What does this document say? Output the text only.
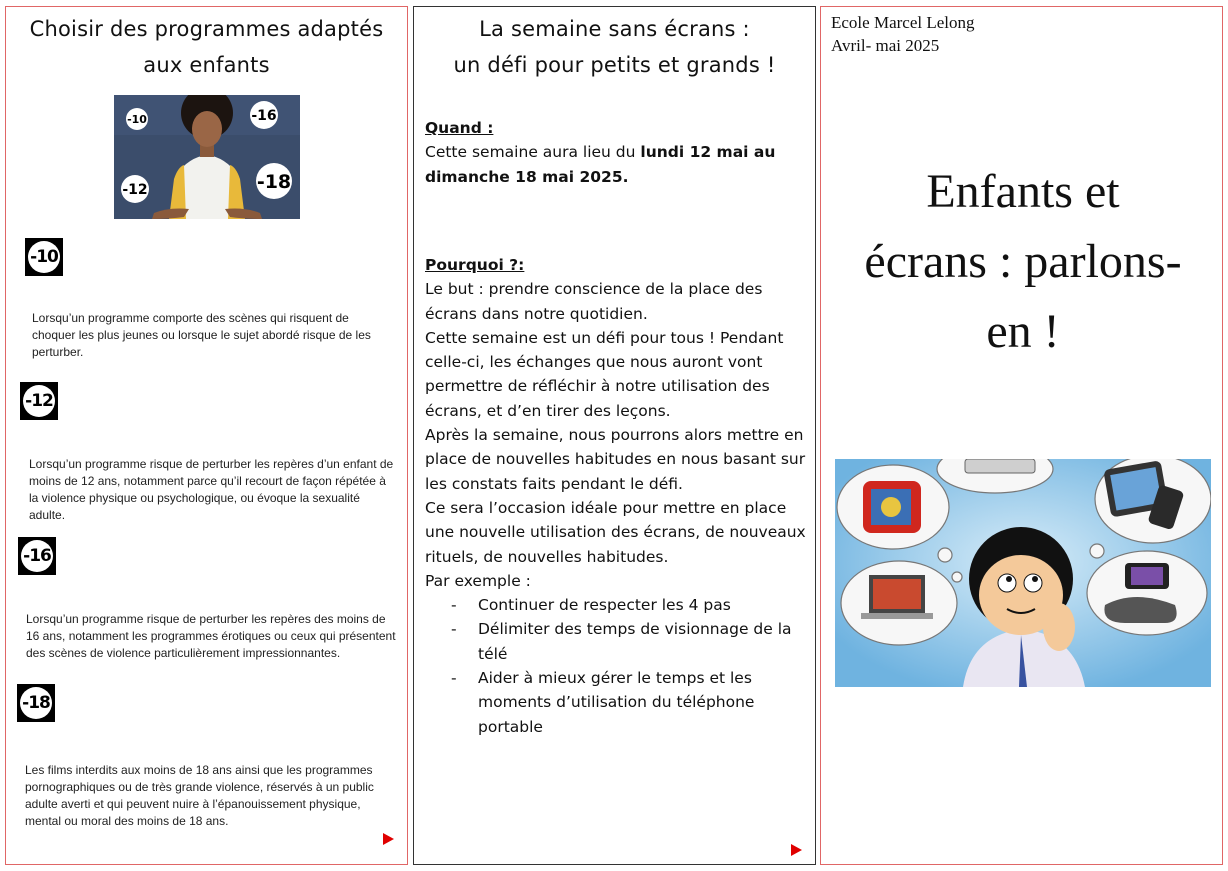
Choisir des programmes adaptés
aux enfants
-10	-16
-12	-18
-10
Lorsqu’un programme comporte des scènes qui risquent de choquer les plus jeunes ou lorsque le sujet abordé risque de les perturber.
-12
Lorsqu’un programme risque de perturber les repères d’un enfant de moins de 12 ans, notamment parce qu’il recourt de façon répétée à la violence physique ou psychologique, ou évoque la sexualité adulte.
-16
Lorsqu’un programme risque de perturber les repères des moins de 16 ans, notamment les programmes érotiques ou ceux qui présentent des scènes de violence particulièrement impressionnantes.
-18
Les films interdits aux moins de 18 ans ainsi que les programmes pornographiques ou de très grande violence, réservés à un public adulte averti et qui peuvent nuire à l’épanouissement physique, mental ou moral des moins de 18 ans.
La semaine sans écrans :
un défi pour petits et grands !
Quand :
Cette semaine aura lieu du lundi 12 mai au dimanche 18 mai 2025.
Pourquoi ?:
Le but : prendre conscience de la place des écrans dans notre quotidien.
Cette semaine est un défi pour tous ! Pendant celle-ci, les échanges que nous auront vont permettre de réfléchir à notre utilisation des écrans, et d’en tirer des leçons.
Après la semaine, nous pourrons alors mettre en place de nouvelles habitudes en nous basant sur les constats faits pendant le défi.
Ce sera l’occasion idéale pour mettre en place une nouvelle utilisation des écrans, de nouveaux rituels, de nouvelles habitudes.
Par exemple :
- Continuer de respecter les 4 pas
- Délimiter des temps de visionnage de la télé
- Aider à mieux gérer le temps et les moments d’utilisation du téléphone portable
Ecole Marcel Lelong
Avril- mai 2025
Enfants et
écrans : parlons-
en !
